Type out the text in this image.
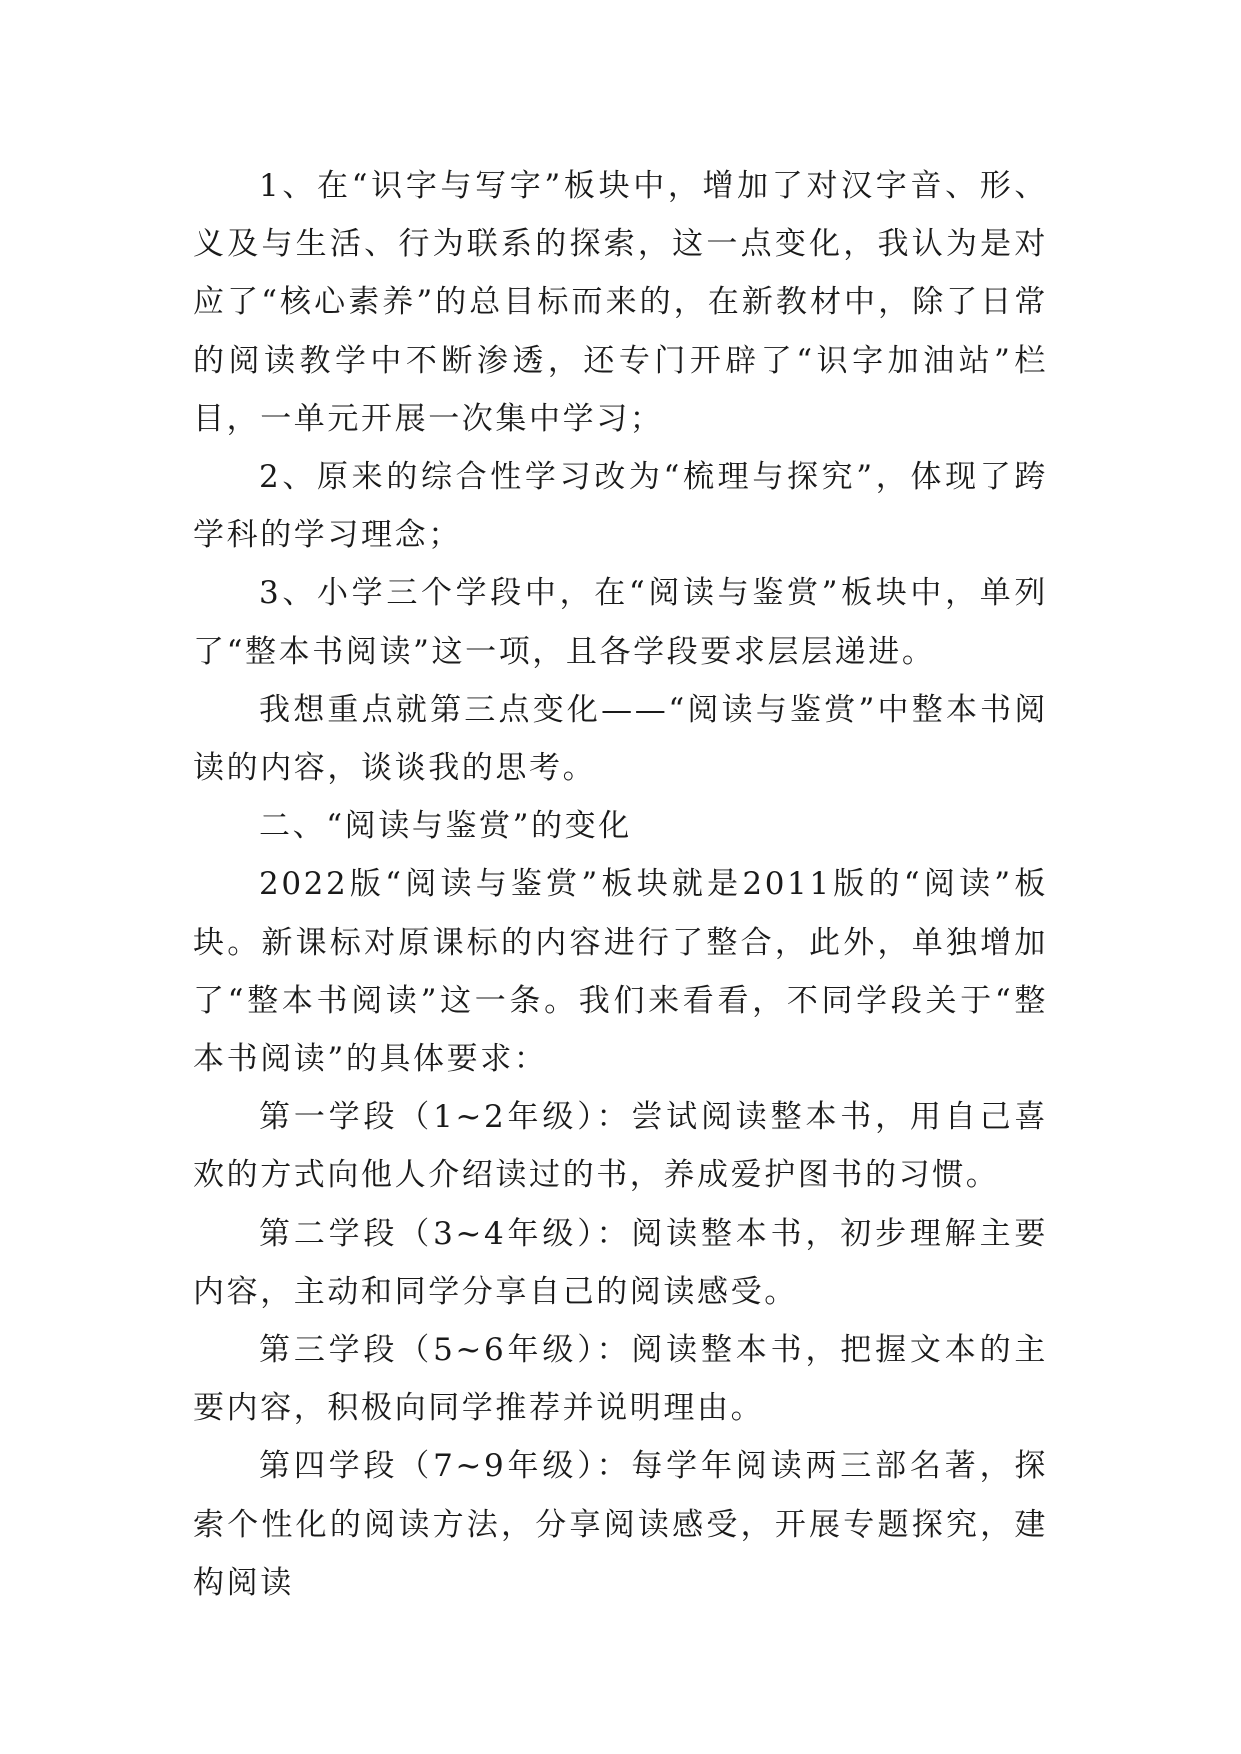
1、在“识字与写字”板块中，增加了对汉字音、形、义及与生活、行为联系的探索，这一点变化，我认为是对应了“核心素养”的总目标而来的，在新教材中，除了日常的阅读教学中不断渗透，还专门开辟了“识字加油站”栏目，一单元开展一次集中学习；

2、原来的综合性学习改为“梳理与探究”，体现了跨学科的学习理念；

3、小学三个学段中，在“阅读与鉴赏”板块中，单列了“整本书阅读”这一项，且各学段要求层层递进。

我想重点就第三点变化——“阅读与鉴赏”中整本书阅读的内容，谈谈我的思考。

二、“阅读与鉴赏”的变化

2022版“阅读与鉴赏”板块就是2011版的“阅读”板块。新课标对原课标的内容进行了整合，此外，单独增加了“整本书阅读”这一条。我们来看看，不同学段关于“整本书阅读”的具体要求：

第一学段（1~2年级）：尝试阅读整本书，用自己喜欢的方式向他人介绍读过的书，养成爱护图书的习惯。

第二学段（3~4年级）：阅读整本书，初步理解主要内容，主动和同学分享自己的阅读感受。

第三学段（5~6年级）：阅读整本书，把握文本的主要内容，积极向同学推荐并说明理由。

第四学段（7~9年级）：每学年阅读两三部名著，探索个性化的阅读方法，分享阅读感受，开展专题探究，建构阅读
